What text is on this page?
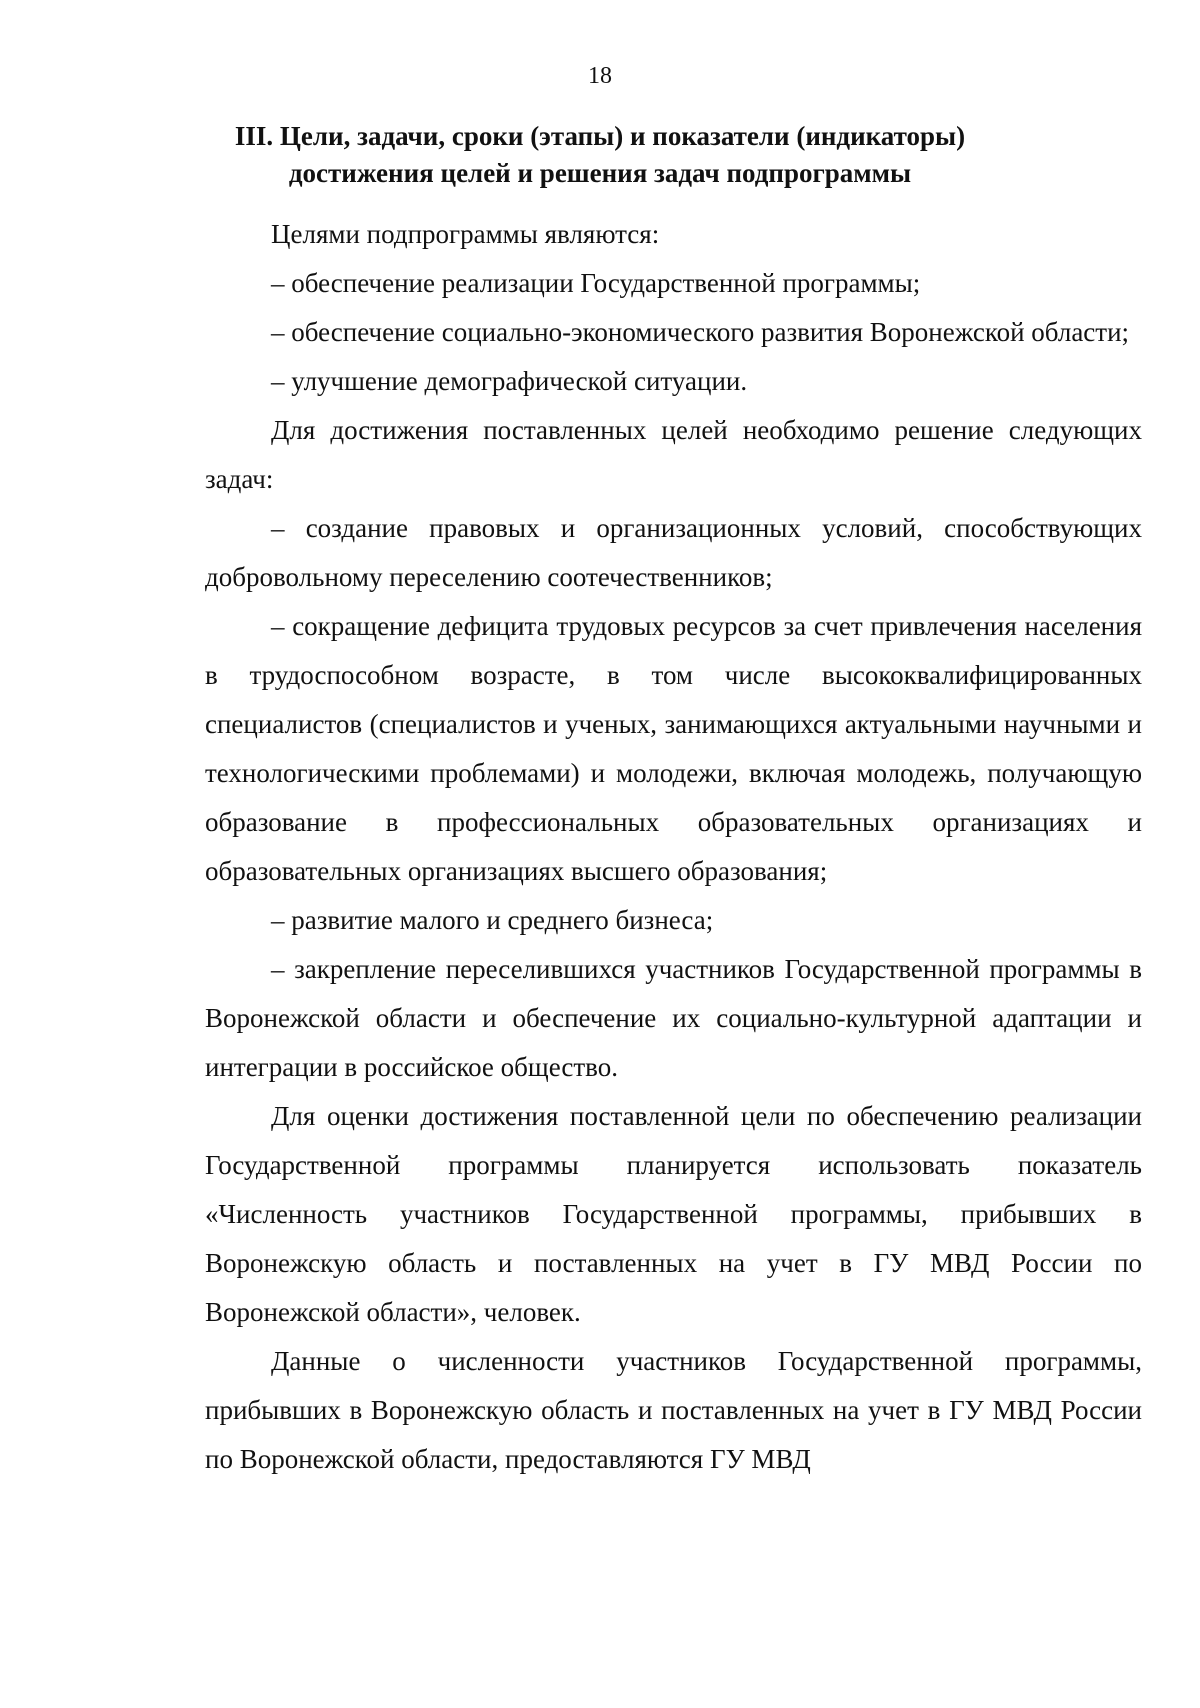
18
III. Цели, задачи, сроки (этапы) и показатели (индикаторы)
достижения целей и решения задач подпрограммы

Целями подпрограммы являются:

– обеспечение реализации Государственной программы;

– обеспечение социально-экономического развития Воронежской области;

– улучшение демографической ситуации.

Для достижения поставленных целей необходимо решение следующих задач:

– создание правовых и организационных условий, способствующих добровольному переселению соотечественников;

– сокращение дефицита трудовых ресурсов за счет привлечения населения в трудоспособном возрасте, в том числе высококвалифицированных специалистов (специалистов и ученых, занимающихся актуальными научными и технологическими проблемами) и молодежи, включая молодежь, получающую образование в профессиональных образовательных организациях и образовательных организациях высшего образования;

– развитие малого и среднего бизнеса;

– закрепление переселившихся участников Государственной программы в Воронежской области и обеспечение их социально-культурной адаптации и интеграции в российское общество.

Для оценки достижения поставленной цели по обеспечению реализации Государственной программы планируется использовать показатель «Численность участников Государственной программы, прибывших в Воронежскую область и поставленных на учет в ГУ МВД России по Воронежской области», человек.

Данные о численности участников Государственной программы, прибывших в Воронежскую область и поставленных на учет в ГУ МВД России по Воронежской области, предоставляются ГУ МВД
